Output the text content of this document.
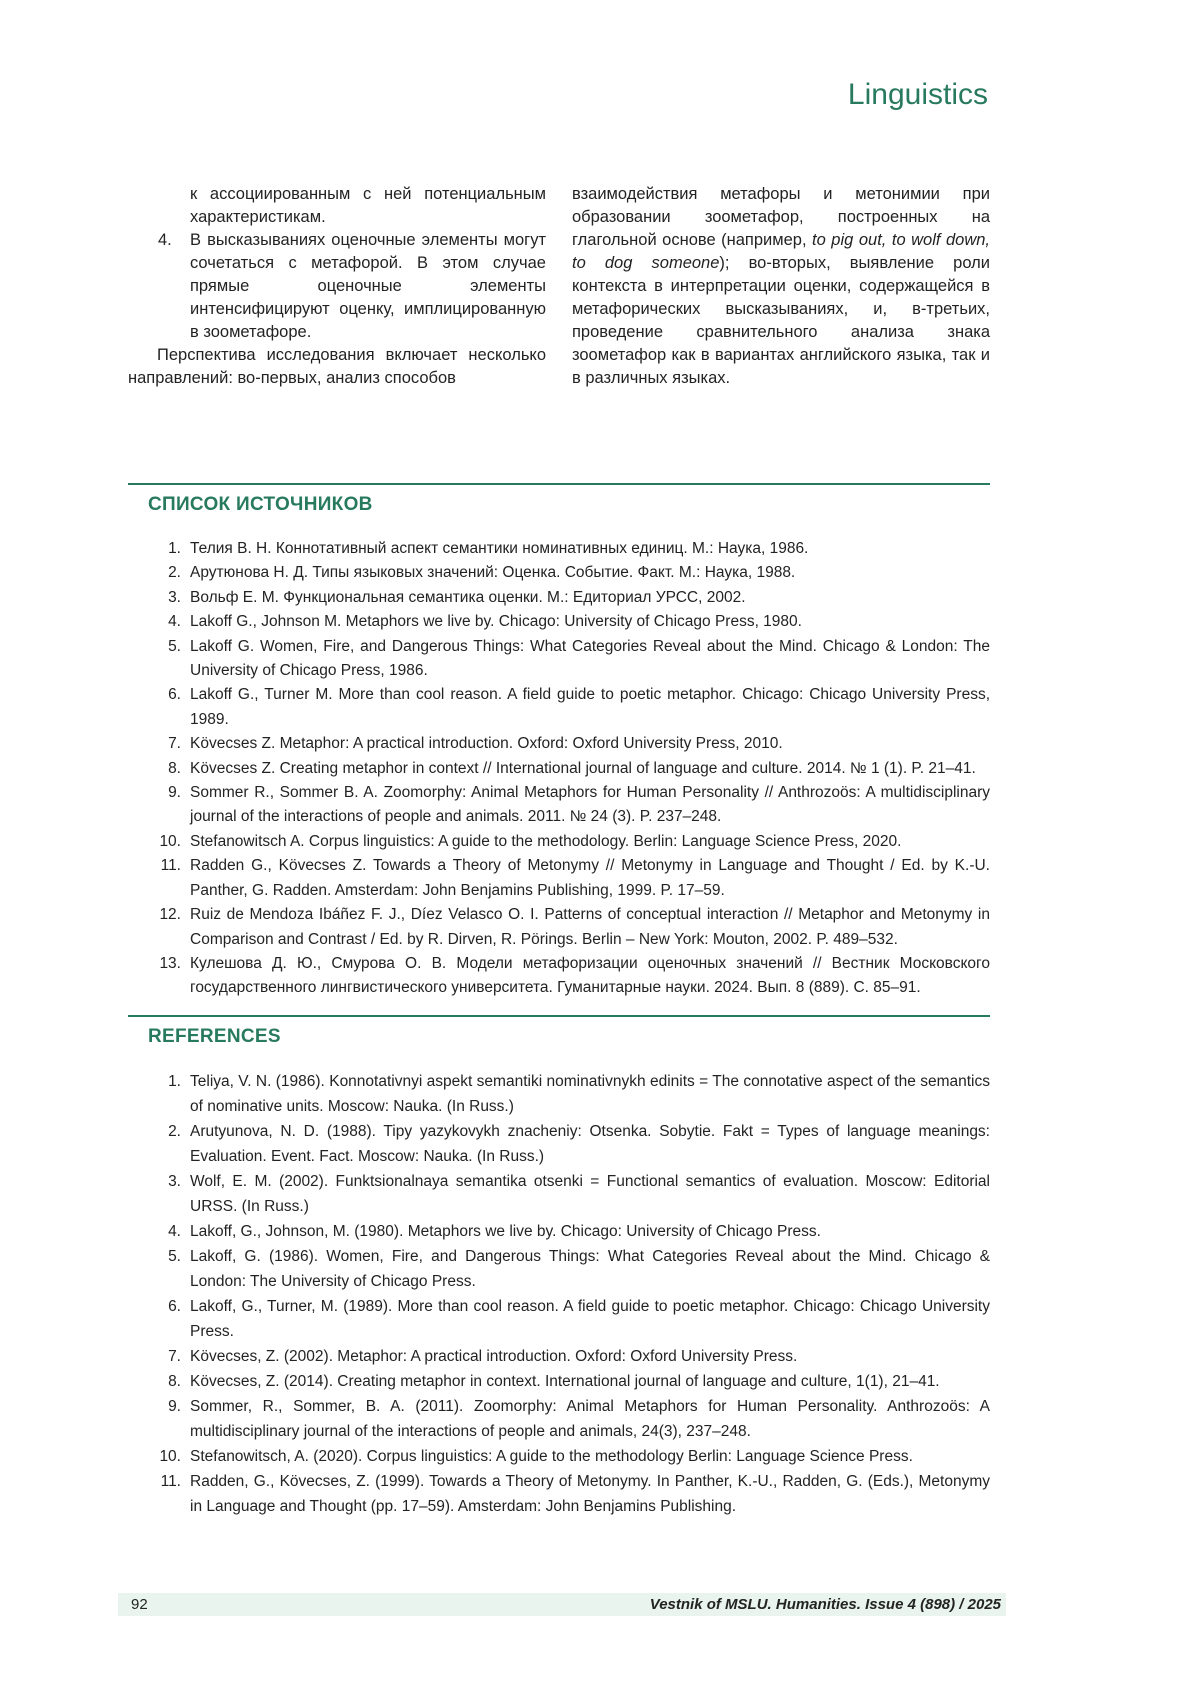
Linguistics
к ассоциированным с ней потенциальным характеристикам.
4. В высказываниях оценочные элементы могут сочетаться с метафорой. В этом случае прямые оценочные элементы интенсифицируют оценку, имплицированную в зоометафоре.
Перспектива исследования включает несколько направлений: во-первых, анализ способов
взаимодействия метафоры и метонимии при образовании зоометафор, построенных на глагольной основе (например, to pig out, to wolf down, to dog someone); во-вторых, выявление роли контекста в интерпретации оценки, содержащейся в метафорических высказываниях, и, в-третьих, проведение сравнительного анализа знака зоометафор как в вариантах английского языка, так и в различных языках.
СПИСОК ИСТОЧНИКОВ
1. Телия В. Н. Коннотативный аспект семантики номинативных единиц. М.: Наука, 1986.
2. Арутюнова Н. Д. Типы языковых значений: Оценка. Событие. Факт. М.: Наука, 1988.
3. Вольф Е. М. Функциональная семантика оценки. М.: Едиториал УРСС, 2002.
4. Lakoff G., Johnson M. Metaphors we live by. Chicago: University of Chicago Press, 1980.
5. Lakoff G. Women, Fire, and Dangerous Things: What Categories Reveal about the Mind. Chicago & London: The University of Chicago Press, 1986.
6. Lakoff G., Turner M. More than cool reason. A field guide to poetic metaphor. Chicago: Chicago University Press, 1989.
7. Kövecses Z. Metaphor: A practical introduction. Oxford: Oxford University Press, 2010.
8. Kövecses Z. Creating metaphor in context // International journal of language and culture. 2014. № 1 (1). P. 21–41.
9. Sommer R., Sommer B. A. Zoomorphy: Animal Metaphors for Human Personality // Anthrozoös: A multidisciplinary journal of the interactions of people and animals. 2011. № 24 (3). P. 237–248.
10. Stefanowitsch A. Corpus linguistics: A guide to the methodology. Berlin: Language Science Press, 2020.
11. Radden G., Kövecses Z. Towards a Theory of Metonymy // Metonymy in Language and Thought / Ed. by K.-U. Panther, G. Radden. Amsterdam: John Benjamins Publishing, 1999. P. 17–59.
12. Ruiz de Mendoza Ibáñez F. J., Díez Velasco O. I. Patterns of conceptual interaction // Metaphor and Metonymy in Comparison and Contrast / Ed. by R. Dirven, R. Pörings. Berlin – New York: Mouton, 2002. P. 489–532.
13. Кулешова Д. Ю., Смурова О. В. Модели метафоризации оценочных значений // Вестник Московского государственного лингвистического университета. Гуманитарные науки. 2024. Вып. 8 (889). С. 85–91.
REFERENCES
1. Teliya, V. N. (1986). Konnotativnyi aspekt semantiki nominativnykh edinits = The connotative aspect of the semantics of nominative units. Moscow: Nauka. (In Russ.)
2. Arutyunova, N. D. (1988). Tipy yazykovykh znacheniy: Otsenka. Sobytie. Fakt = Types of language meanings: Evaluation. Event. Fact. Moscow: Nauka. (In Russ.)
3. Wolf, E. M. (2002). Funktsionalnaya semantika otsenki = Functional semantics of evaluation. Moscow: Editorial URSS. (In Russ.)
4. Lakoff, G., Johnson, M. (1980). Metaphors we live by. Chicago: University of Chicago Press.
5. Lakoff, G. (1986). Women, Fire, and Dangerous Things: What Categories Reveal about the Mind. Chicago & London: The University of Chicago Press.
6. Lakoff, G., Turner, M. (1989). More than cool reason. A field guide to poetic metaphor. Chicago: Chicago University Press.
7. Kövecses, Z. (2002). Metaphor: A practical introduction. Oxford: Oxford University Press.
8. Kövecses, Z. (2014). Creating metaphor in context. International journal of language and culture, 1(1), 21–41.
9. Sommer, R., Sommer, B. A. (2011). Zoomorphy: Animal Metaphors for Human Personality. Anthrozoös: A multidisciplinary journal of the interactions of people and animals, 24(3), 237–248.
10. Stefanowitsch, A. (2020). Corpus linguistics: A guide to the methodology Berlin: Language Science Press.
11. Radden, G., Kövecses, Z. (1999). Towards a Theory of Metonymy. In Panther, K.-U., Radden, G. (Eds.), Metonymy in Language and Thought (pp. 17–59). Amsterdam: John Benjamins Publishing.
92	Vestnik of MSLU. Humanities. Issue 4 (898) / 2025
